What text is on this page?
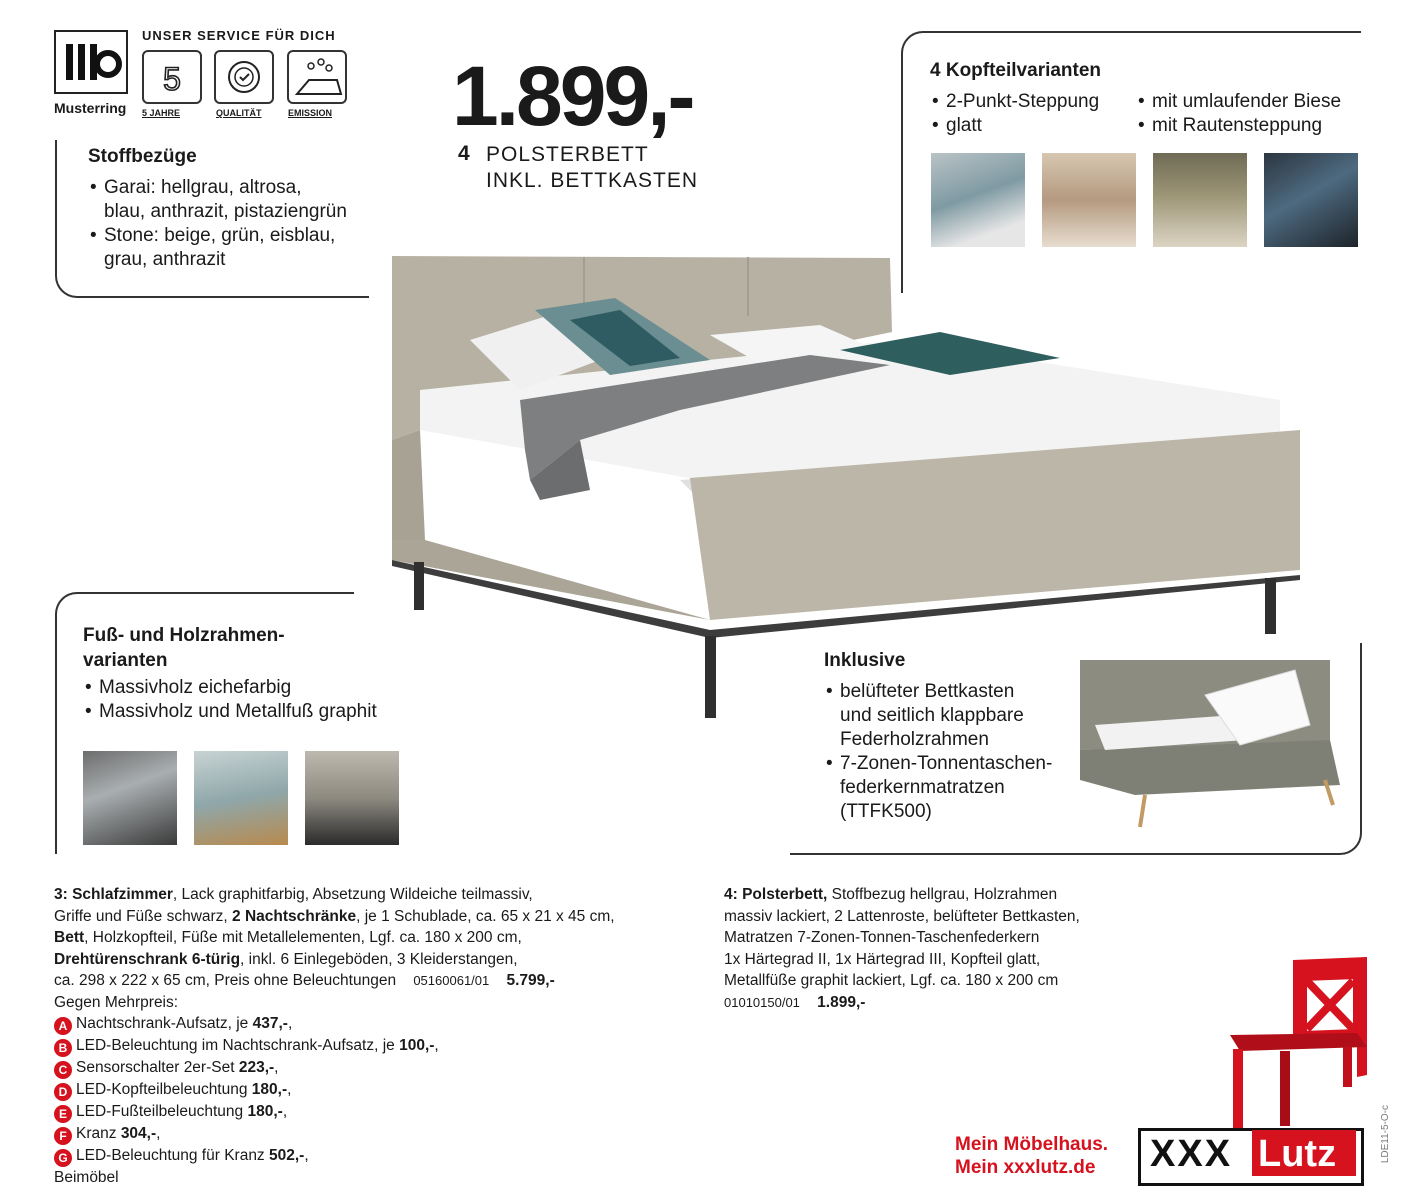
Musterring
UNSER SERVICE FÜR DICH
5
5 JAHRE	QUALITÄT	EMISSION 1.899,-
4 POLSTERBETT
INKL. BETTKASTEN
Stoffbezüge
• Garai: hellgrau, altrosa,
blau, anthrazit, pistaziengrün
• Stone: beige, grün, eisblau,
grau, anthrazit
4 Kopfteilvarianten
• 2-Punkt-Steppung
• glatt
• mit umlaufender Biese
• mit Rautensteppung
Fuß- und Holzrahmen-
varianten
• Massivholz eichefarbig
• Massivholz und Metallfuß graphit
Inklusive
• belüfteter Bettkasten
und seitlich klappbare
Federholzrahmen
• 7-Zonen-Tonnentaschen-
federkernmatratzen
(TTFK500)
3: Schlafzimmer, Lack graphitfarbig, Absetzung Wildeiche teilmassiv,
Griffe und Füße schwarz, 2 Nachtschränke, je 1 Schublade, ca. 65 x 21 x 45 cm,
Bett, Holzkopfteil, Füße mit Metallelementen, Lgf. ca. 180 x 200 cm,
Drehtürenschrank 6-türig, inkl. 6 Einlegeböden, 3 Kleiderstangen,
ca. 298 x 222 x 65 cm, Preis ohne Beleuchtungen 05160061/01 5.799,-
Gegen Mehrpreis:
A Nachtschrank-Aufsatz, je 437,-,
B LED-Beleuchtung im Nachtschrank-Aufsatz, je 100,-,
C Sensorschalter 2er-Set 223,-,
D LED-Kopfteilbeleuchtung 180,-,
E LED-Fußteilbeleuchtung 180,-,
F Kranz 304,-,
G LED-Beleuchtung für Kranz 502,-,
Beimöbel
4: Polsterbett, Stoffbezug hellgrau, Holzrahmen
massiv lackiert, 2 Lattenroste, belüfteter Bettkasten,
Matratzen 7-Zonen-Tonnen-Taschenfederkern
1x Härtegrad II, 1x Härtegrad III, Kopfteil glatt,
Metallfüße graphit lackiert, Lgf. ca. 180 x 200 cm
01010150/01 1.899,-
Mein Möbelhaus.
Mein xxxlutz.de	XXX Lutz	LDE11-5-O-c
